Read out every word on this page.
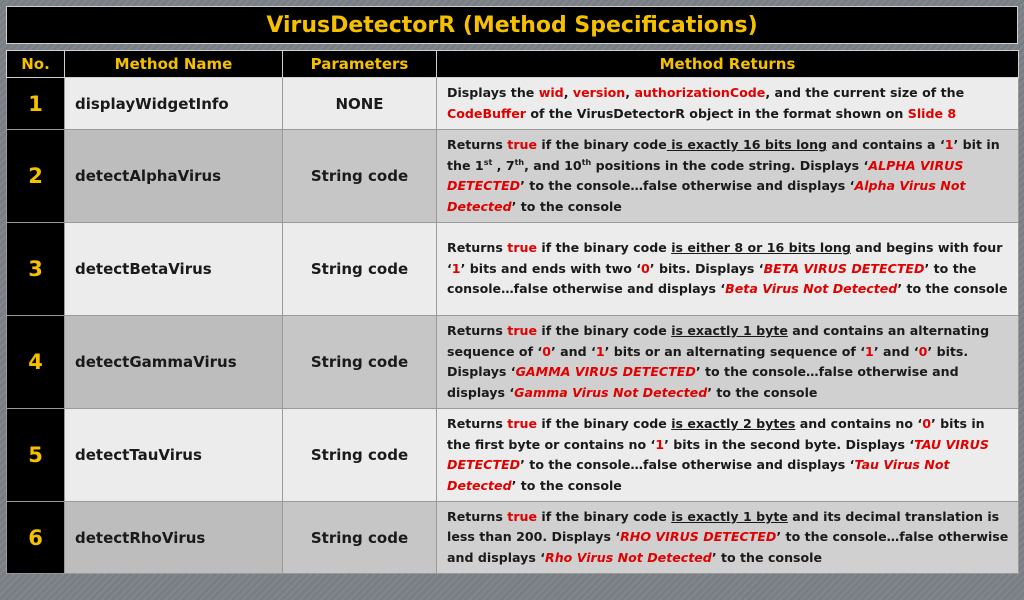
VirusDetectorR (Method Specifications)
No.	Method Name	Parameters	Method Returns
1	displayWidgetInfo	NONE	Displays the wid, version, authorizationCode, and the current size of the CodeBuffer of the VirusDetectorR object in the format shown on Slide 8
2	detectAlphaVirus	String code	Returns true if the binary code is exactly 16 bits long and contains a ‘1’ bit in the 1st , 7th, and 10th positions in the code string. Displays ‘ALPHA VIRUS DETECTED’ to the console…false otherwise and displays ‘Alpha Virus Not Detected’ to the console
3	detectBetaVirus	String code	Returns true if the binary code is either 8 or 16 bits long and begins with four ‘1’ bits and ends with two ‘0’ bits. Displays ‘BETA VIRUS DETECTED’ to the console…false otherwise and displays ‘Beta Virus Not Detected’ to the console
4	detectGammaVirus	String code	Returns true if the binary code is exactly 1 byte and contains an alternating sequence of ‘0’ and ‘1’ bits or an alternating sequence of ‘1’ and ‘0’ bits. Displays ‘GAMMA VIRUS DETECTED’ to the console…false otherwise and displays ‘Gamma Virus Not Detected’ to the console
5	detectTauVirus	String code	Returns true if the binary code is exactly 2 bytes and contains no ‘0’ bits in the first byte or contains no ‘1’ bits in the second byte. Displays ‘TAU VIRUS DETECTED’ to the console…false otherwise and displays ‘Tau Virus Not Detected’ to the console
6	detectRhoVirus	String code	Returns true if the binary code is exactly 1 byte and its decimal translation is less than 200. Displays ‘RHO VIRUS DETECTED’ to the console…false otherwise and displays ‘Rho Virus Not Detected’ to the console
